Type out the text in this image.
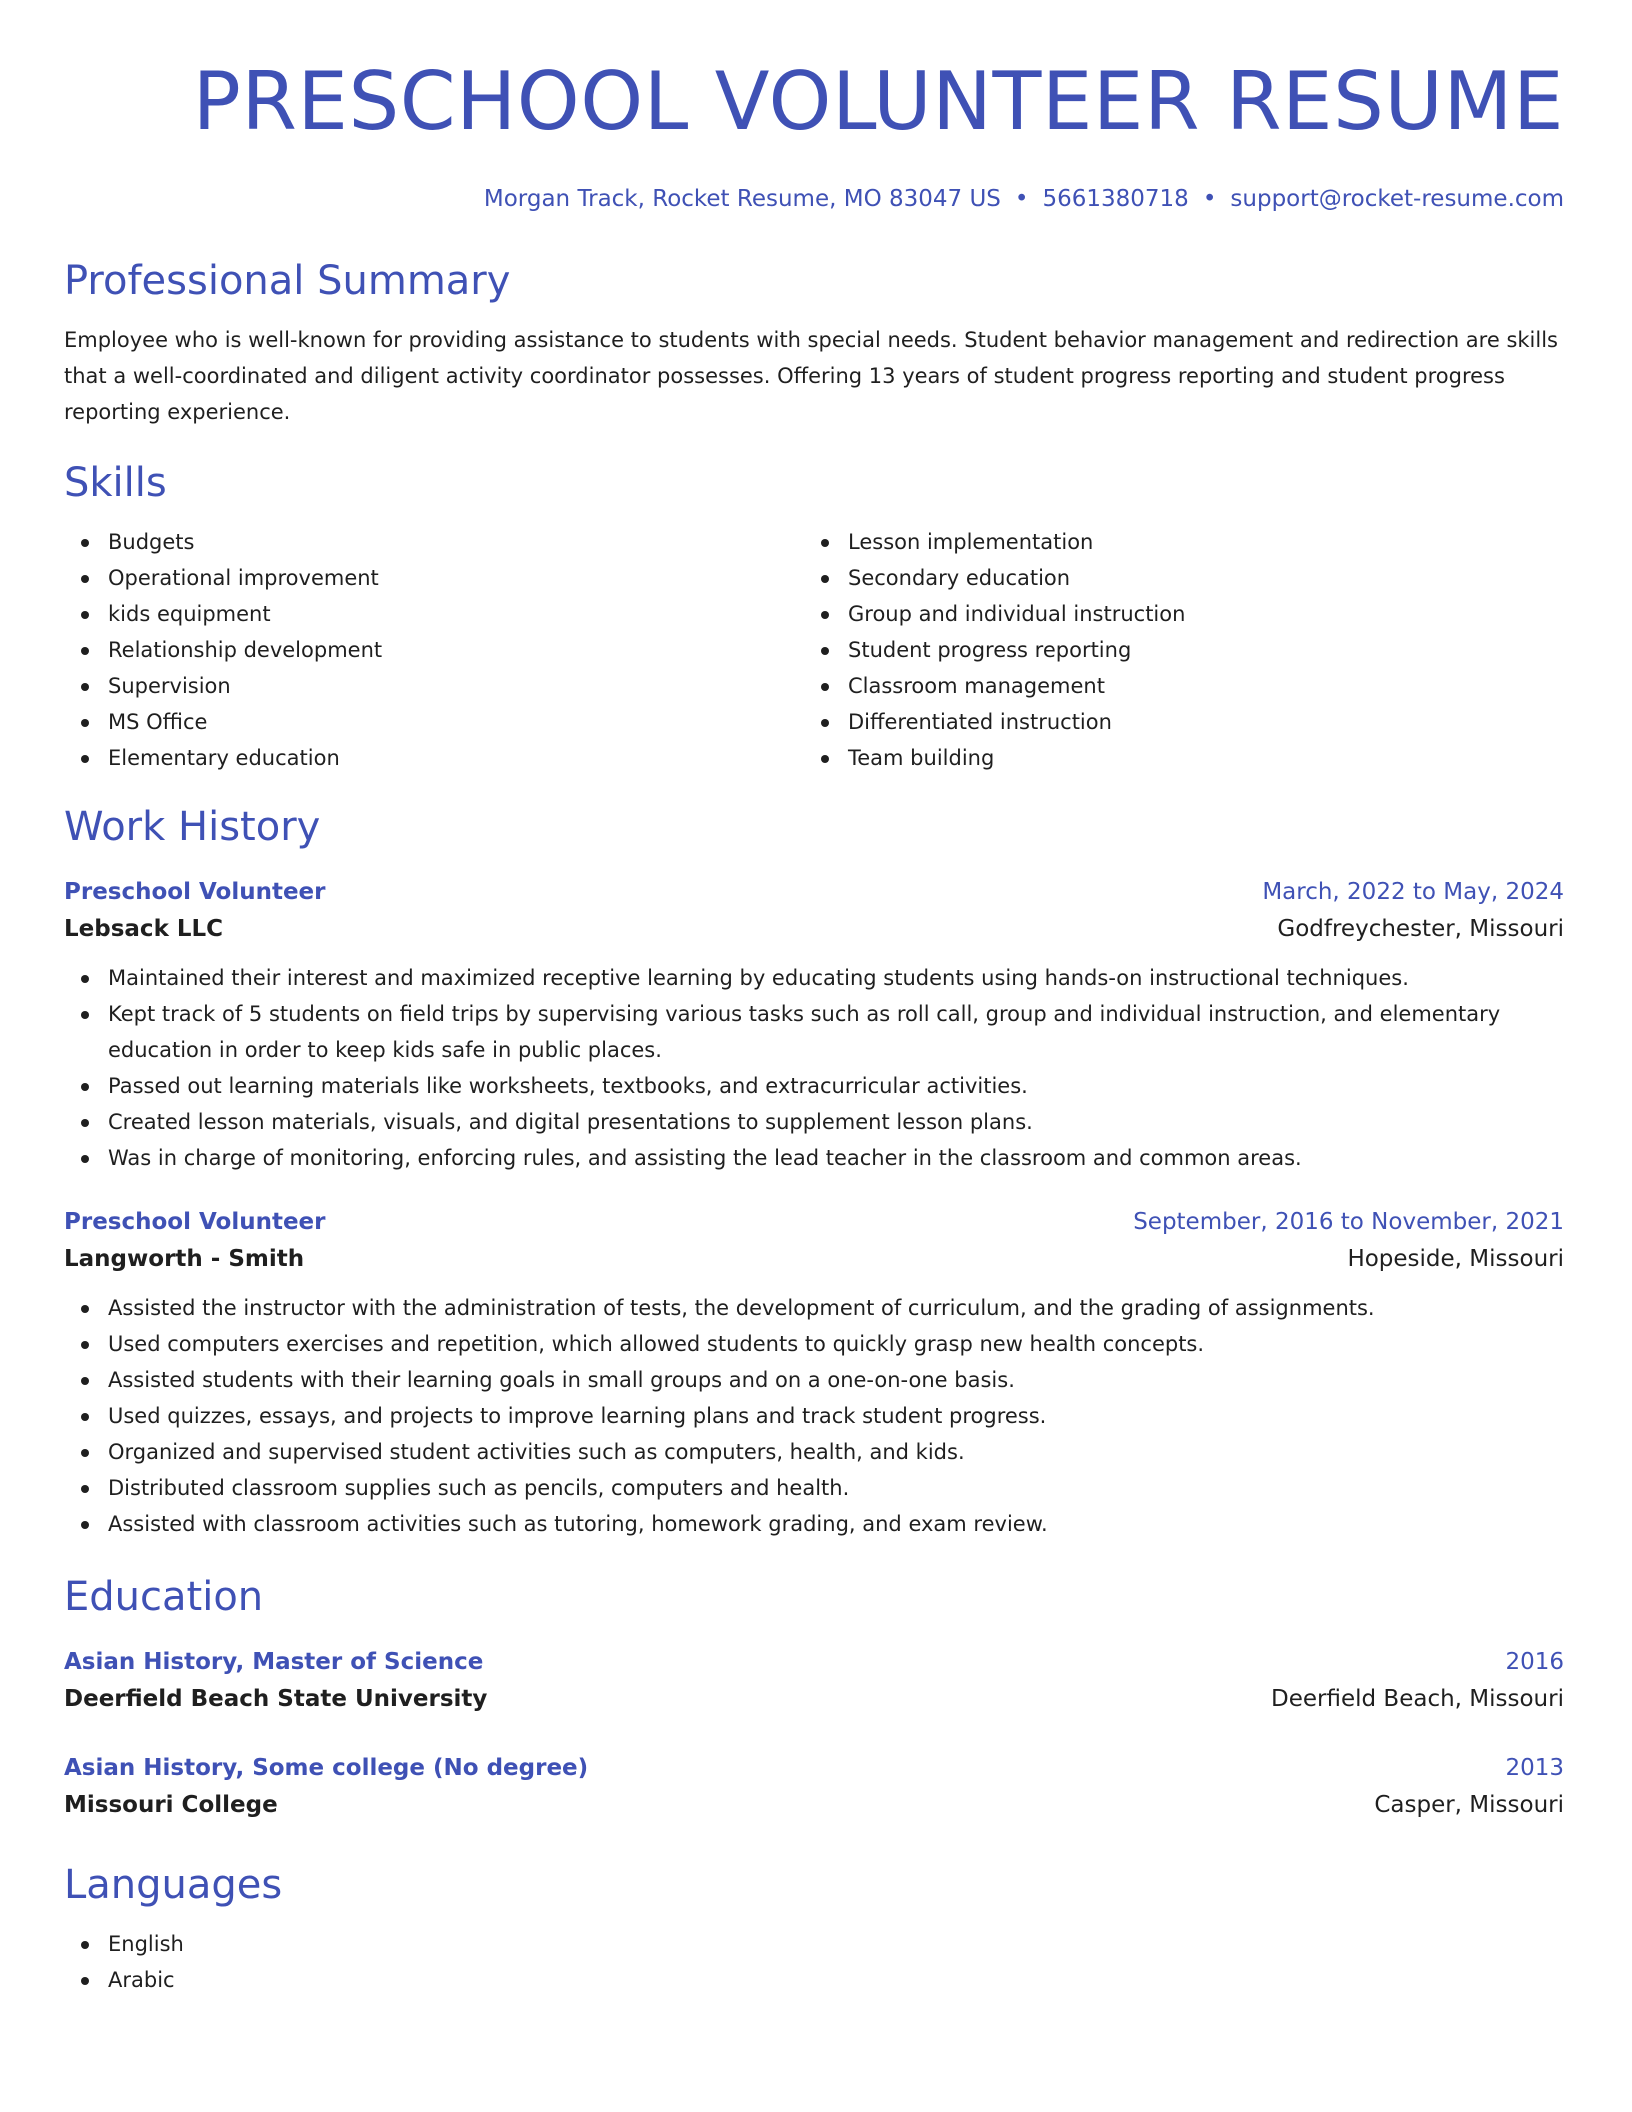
PRESCHOOL VOLUNTEER RESUME
Morgan Track, Rocket Resume, MO 83047 US • 5661380718 • support@rocket-resume.com
Professional Summary

Employee who is well-known for providing assistance to students with special needs. Student behavior management and redirection are skills that a well-coordinated and diligent activity coordinator possesses. Offering 13 years of student progress reporting and student progress reporting experience.

Skills
Budgets
Operational improvement
kids equipment
Relationship development
Supervision
MS Office
Elementary education
Lesson implementation
Secondary education
Group and individual instruction
Student progress reporting
Classroom management
Differentiated instruction
Team building
Work History
Preschool Volunteer	March, 2022 to May, 2024
Lebsack LLC	Godfreychester, Missouri
Maintained their interest and maximized receptive learning by educating students using hands-on instructional techniques.
Kept track of 5 students on field trips by supervising various tasks such as roll call, group and individual instruction, and elementary education in order to keep kids safe in public places.
Passed out learning materials like worksheets, textbooks, and extracurricular activities.
Created lesson materials, visuals, and digital presentations to supplement lesson plans.
Was in charge of monitoring, enforcing rules, and assisting the lead teacher in the classroom and common areas.
Preschool Volunteer	September, 2016 to November, 2021
Langworth - Smith	Hopeside, Missouri
Assisted the instructor with the administration of tests, the development of curriculum, and the grading of assignments.
Used computers exercises and repetition, which allowed students to quickly grasp new health concepts.
Assisted students with their learning goals in small groups and on a one-on-one basis.
Used quizzes, essays, and projects to improve learning plans and track student progress.
Organized and supervised student activities such as computers, health, and kids.
Distributed classroom supplies such as pencils, computers and health.
Assisted with classroom activities such as tutoring, homework grading, and exam review.
Education
Asian History, Master of Science	2016
Deerfield Beach State University	Deerfield Beach, Missouri
Asian History, Some college (No degree)	2013
Missouri College	Casper, Missouri
Languages
English
Arabic
